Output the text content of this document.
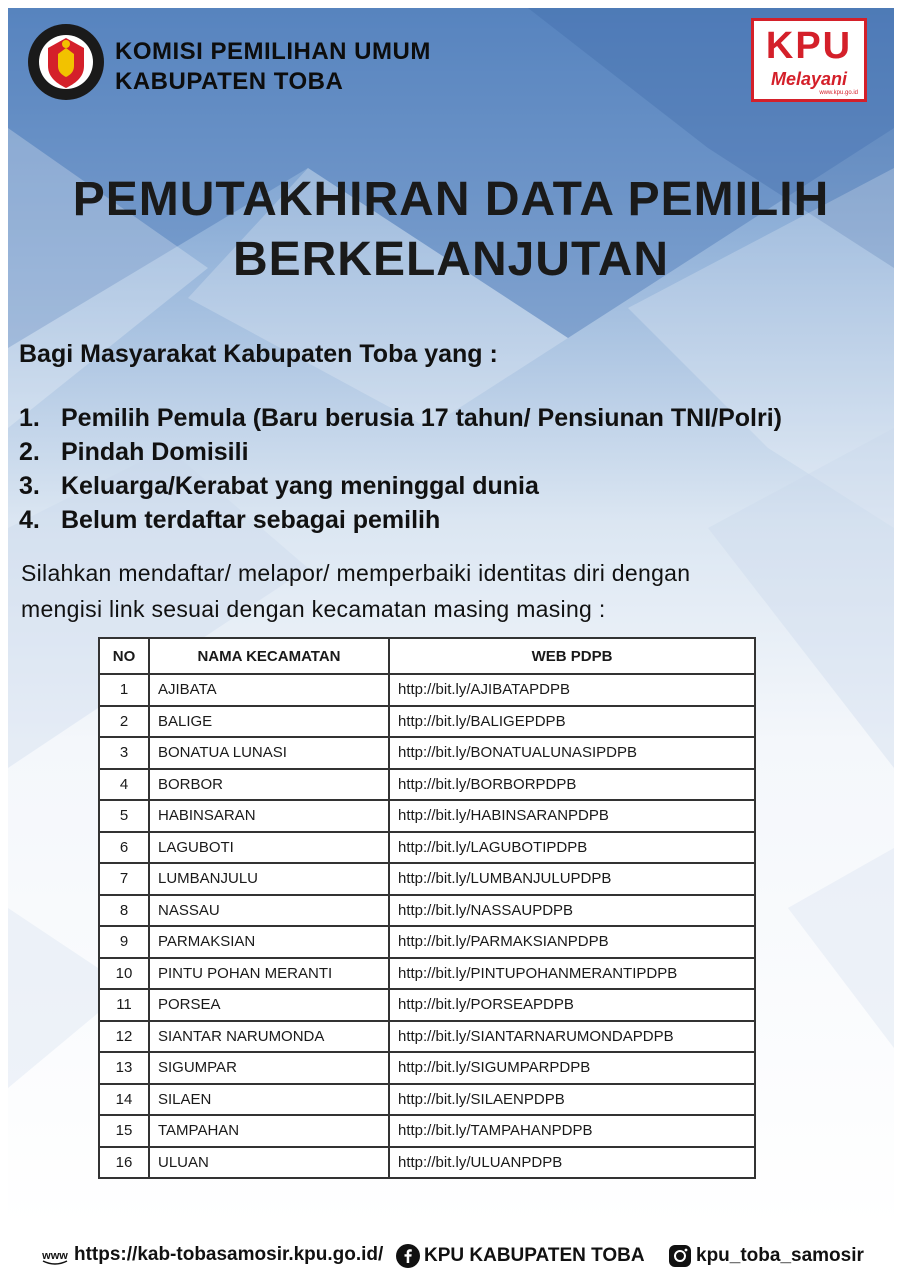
KOMISI PEMILIHAN UMUM
KABUPATEN TOBA
KPU
Melayani
www.kpu.go.id
PEMUTAKHIRAN DATA PEMILIH
BERKELANJUTAN
Bagi Masyarakat Kabupaten Toba yang :
1. Pemilih Pemula (Baru berusia 17 tahun/ Pensiunan TNI/Polri)
2. Pindah Domisili
3. Keluarga/Kerabat yang meninggal dunia
4. Belum terdaftar sebagai pemilih
Silahkan mendaftar/ melapor/ memperbaiki identitas diri dengan
mengisi link sesuai dengan kecamatan masing masing :
NO	NAMA KECAMATAN	WEB PDPB
1	AJIBATA	http://bit.ly/AJIBATAPDPB
2	BALIGE	http://bit.ly/BALIGEPDPB
3	BONATUA LUNASI	http://bit.ly/BONATUALUNASIPDPB
4	BORBOR	http://bit.ly/BORBORPDPB
5	HABINSARAN	http://bit.ly/HABINSARANPDPB
6	LAGUBOTI	http://bit.ly/LAGUBOTIPDPB
7	LUMBANJULU	http://bit.ly/LUMBANJULUPDPB
8	NASSAU	http://bit.ly/NASSAUPDPB
9	PARMAKSIAN	http://bit.ly/PARMAKSIANPDPB
10	PINTU POHAN MERANTI	http://bit.ly/PINTUPOHANMERANTIPDPB
11	PORSEA	http://bit.ly/PORSEAPDPB
12	SIANTAR NARUMONDA	http://bit.ly/SIANTARNARUMONDAPDPB
13	SIGUMPAR	http://bit.ly/SIGUMPARPDPB
14	SILAEN	http://bit.ly/SILAENPDPB
15	TAMPAHAN	http://bit.ly/TAMPAHANPDPB
16	ULUAN	http://bit.ly/ULUANPDPB
www https://kab-tobasamosir.kpu.go.id/	KPU KABUPATEN TOBA	kpu_toba_samosir
